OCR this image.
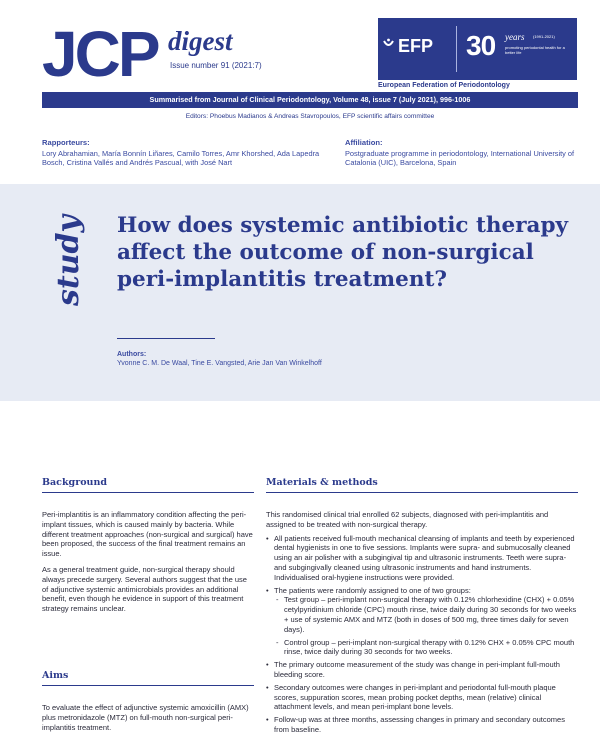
JCP digest
Issue number 91 (2021:7)
EFP 30 years (1991-2021)
promoting periodontal health for a better life
European Federation of Periodontology
Summarised from Journal of Clinical Periodontology, Volume 48, issue 7 (July 2021), 996-1006
Editors: Phoebus Madianos & Andreas Stavropoulos, EFP scientific affairs committee
Rapporteurs:
Lory Abrahamian, María Bonnín Liñares, Camilo Torres, Amr Khorshed, Ada Lapedra Bosch, Cristina Vallés and Andrés Pascual, with José Nart
Affiliation:
Postgraduate programme in periodontology, International University of Catalonia (UIC), Barcelona, Spain
study How does systemic antibiotic therapy affect the outcome of non-surgical peri-implantitis treatment?
Authors:
Yvonne C. M. De Waal, Tine E. Vangsted, Arie Jan Van Winkelhoff
Background

Peri-implantitis is an inflammatory condition affecting the peri-implant tissues, which is caused mainly by bacteria. While different treatment approaches (non-surgical and surgical) have been proposed, the success of the final treatment remains an issue.

As a general treatment guide, non-surgical therapy should always precede surgery. Several authors suggest that the use of adjunctive systemic antimicrobials provides an additional benefit, even though he evidence in support of this treatment strategy remains unclear.

Aims

To evaluate the effect of adjunctive systemic amoxicillin (AMX) plus metronidazole (MTZ) on full-mouth non-surgical peri-implantitis treatment.

Materials & methods

This randomised clinical trial enrolled 62 subjects, diagnosed with peri-implantitis and assigned to be treated with non-surgical therapy.

• All patients received full-mouth mechanical cleansing of implants and teeth by experienced dental hygienists in one to five sessions. Implants were supra- and submucosally cleaned using an air polisher with a subgingival tip and ultrasonic instruments. Teeth were supra- and subgingivally cleaned using ultrasonic instruments and hand instruments. Individualised oral-hygiene instructions were provided.
• The patients were randomly assigned to one of two groups:
- Test group – peri-implant non-surgical therapy with 0.12% chlorhexidine (CHX) + 0.05% cetylpyridinium chloride (CPC) mouth rinse, twice daily during 30 seconds for two weeks + use of systemic AMX and MTZ (both in doses of 500 mg, three times daily for seven days).
- Control group – peri-implant non-surgical therapy with 0.12% CHX + 0.05% CPC mouth rinse, twice daily during 30 seconds for two weeks.
• The primary outcome measurement of the study was change in peri-implant full-mouth bleeding score.
• Secondary outcomes were changes in peri-implant and periodontal full-mouth plaque scores, suppuration scores, mean probing pocket depths, mean (relative) clinical attachment levels, and mean peri-implant bone levels.
• Follow-up was at three months, assessing changes in primary and secondary outcomes from baseline.
